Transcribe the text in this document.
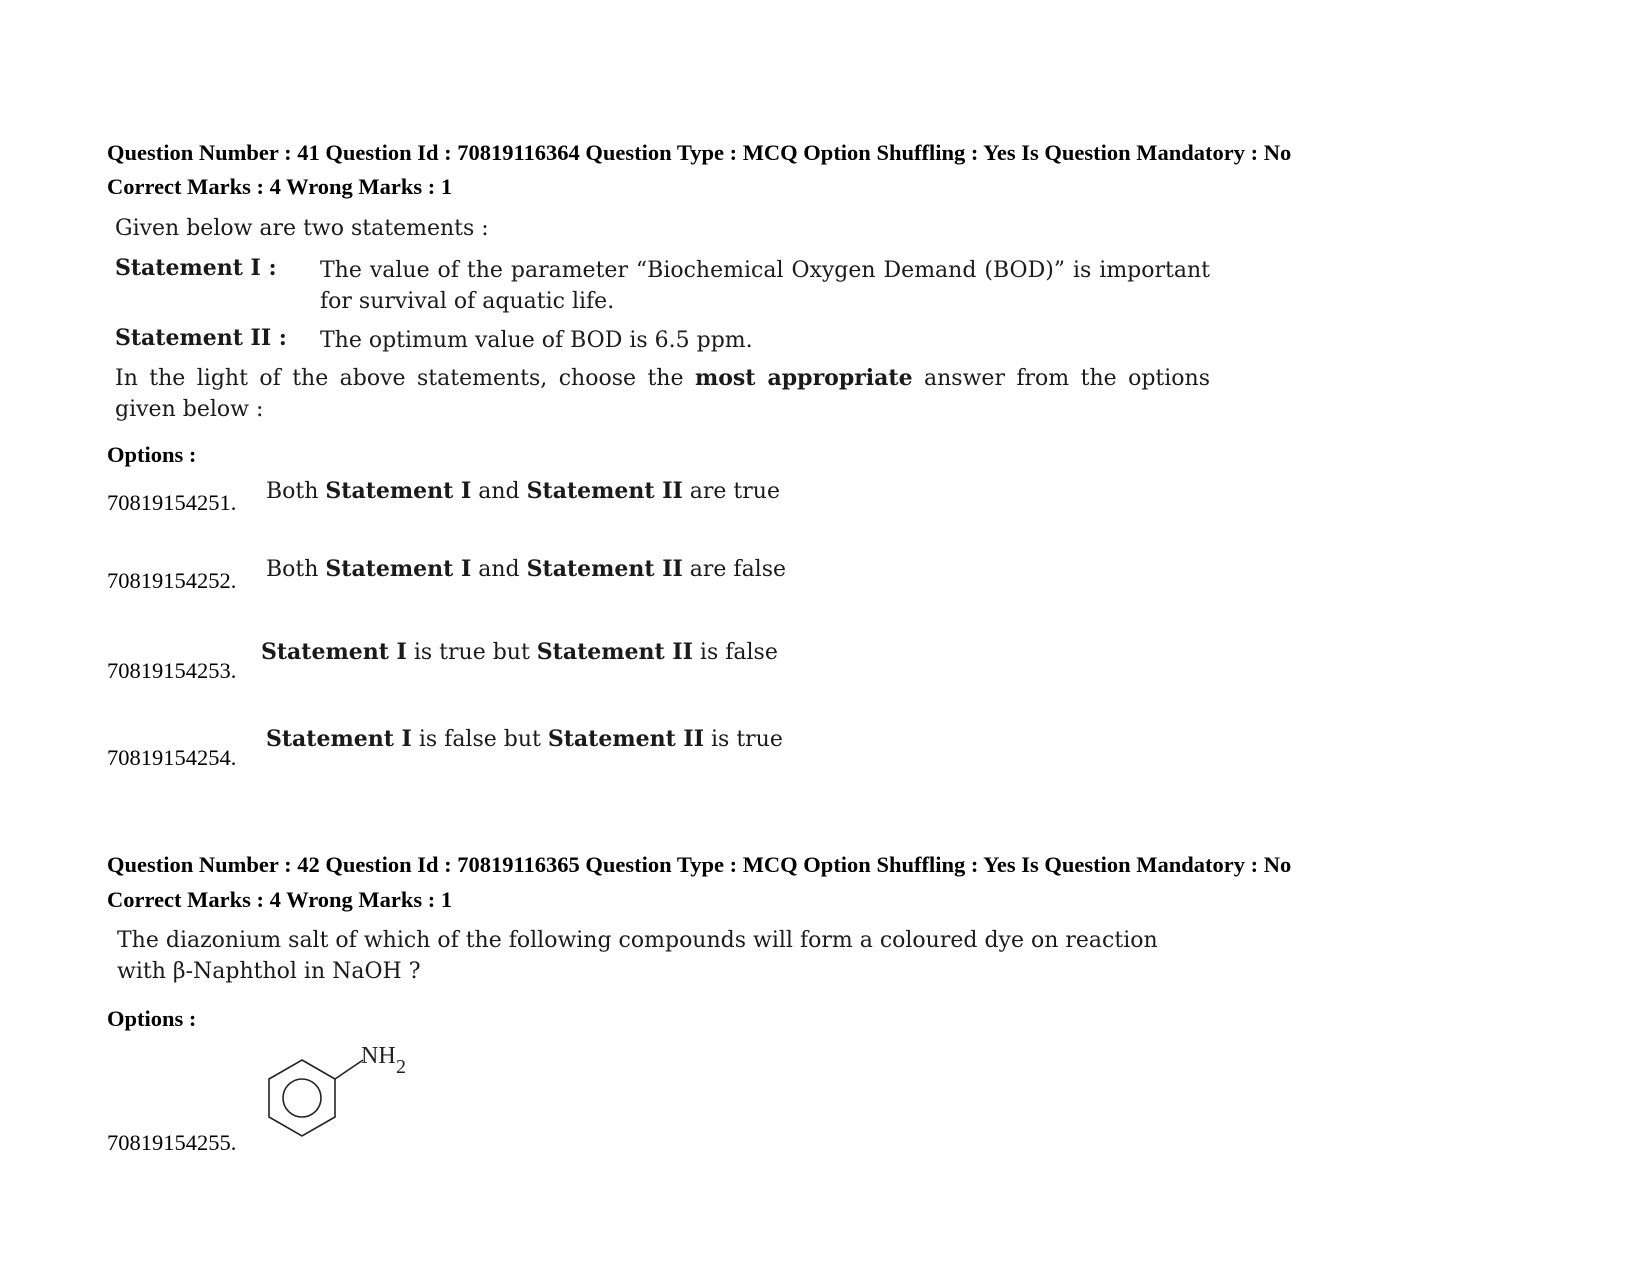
Question Number : 41 Question Id : 70819116364 Question Type : MCQ Option Shuffling : Yes Is Question Mandatory : No
Correct Marks : 4 Wrong Marks : 1
Given below are two statements :
Statement I : The value of the parameter “Biochemical Oxygen Demand (BOD)” is important for survival of aquatic life.
Statement II : The optimum value of BOD is 6.5 ppm.
In the light of the above statements, choose the most appropriate answer from the options given below :
Options :
70819154251. Both Statement I and Statement II are true
70819154252. Both Statement I and Statement II are false
70819154253.
Statement I is true but Statement II is false
70819154254.
Statement I is false but Statement II is true
Question Number : 42 Question Id : 70819116365 Question Type : MCQ Option Shuffling : Yes Is Question Mandatory : No
Correct Marks : 4 Wrong Marks : 1
The diazonium salt of which of the following compounds will form a coloured dye on reaction
with β-Naphthol in NaOH ?
Options :
70819154255.
NH 2
